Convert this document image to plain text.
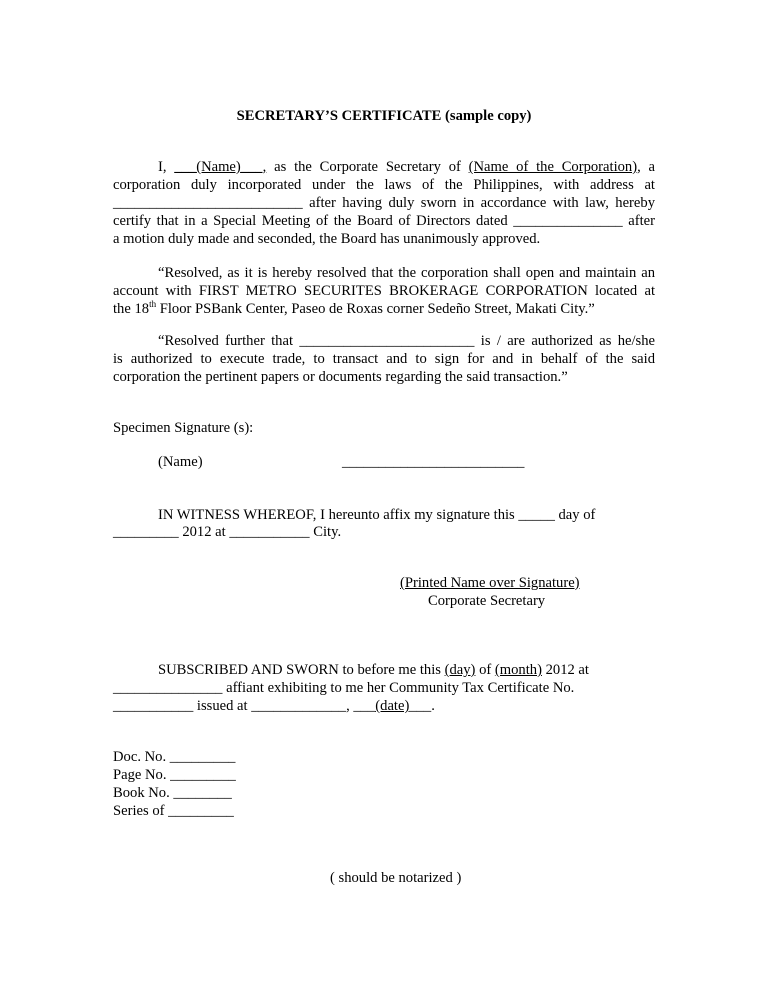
SECRETARY’S CERTIFICATE (sample copy)
I, ___(Name)___, as the Corporate Secretary of (Name of the Corporation), a
corporation duly incorporated under the laws of the Philippines, with address at
__________________________ after having duly sworn in accordance with law, hereby
certify that in a Special Meeting of the Board of Directors dated _______________ after
a motion duly made and seconded, the Board has unanimously approved.
“Resolved, as it is hereby resolved that the corporation shall open and maintain an
account with FIRST METRO SECURITES BROKERAGE CORPORATION located at
the 18th Floor PSBank Center, Paseo de Roxas corner Sedeño Street, Makati City.”
“Resolved further that ________________________ is / are authorized as he/she
is authorized to execute trade, to transact and to sign for and in behalf of the said
corporation the pertinent papers or documents regarding the said transaction.”
Specimen Signature (s):
(Name)	_________________________
IN WITNESS WHEREOF, I hereunto affix my signature this _____ day of
_________ 2012 at ___________ City.
(Printed Name over Signature)
Corporate Secretary
SUBSCRIBED AND SWORN to before me this (day) of (month) 2012 at
_______________ affiant exhibiting to me her Community Tax Certificate No.
___________ issued at _____________, ___(date)___.
Doc. No. _________
Page No. _________
Book No. ________
Series of _________
( should be notarized )
